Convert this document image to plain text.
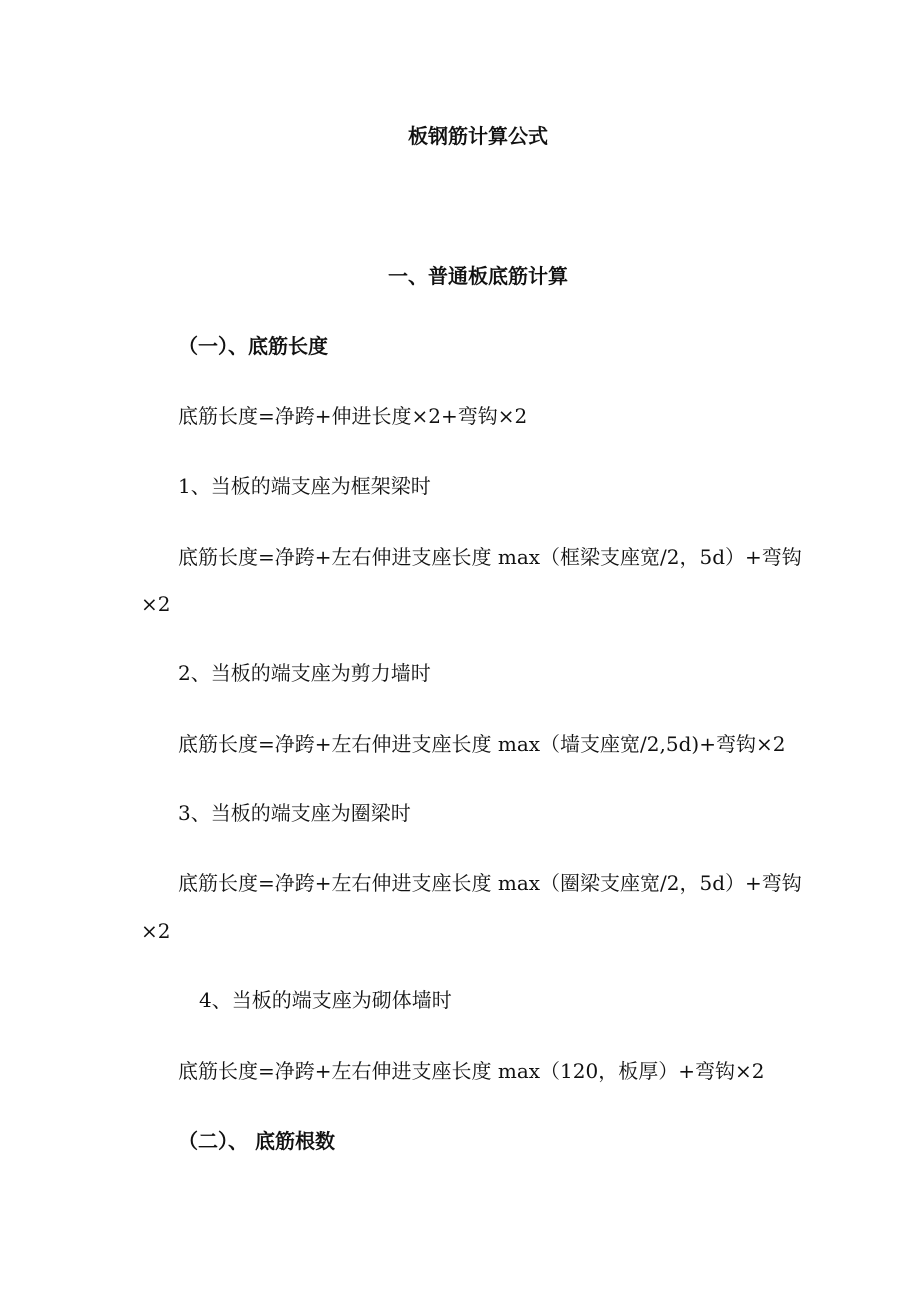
板钢筋计算公式

一、普通板底筋计算

（一）、底筋长度

底筋长度=净跨+伸进长度×2+弯钩×2

1、当板的端支座为框架梁时

底筋长度=净跨+左右伸进支座长度 max（框梁支座宽/2，5d）+弯钩

×2

2、当板的端支座为剪力墙时

底筋长度=净跨+左右伸进支座长度 max（墙支座宽/2,5d)+弯钩×2

3、当板的端支座为圈梁时

底筋长度=净跨+左右伸进支座长度 max（圈梁支座宽/2，5d）+弯钩

×2

4、当板的端支座为砌体墙时

底筋长度=净跨+左右伸进支座长度 max（120，板厚）+弯钩×2

（二）、 底筋根数
